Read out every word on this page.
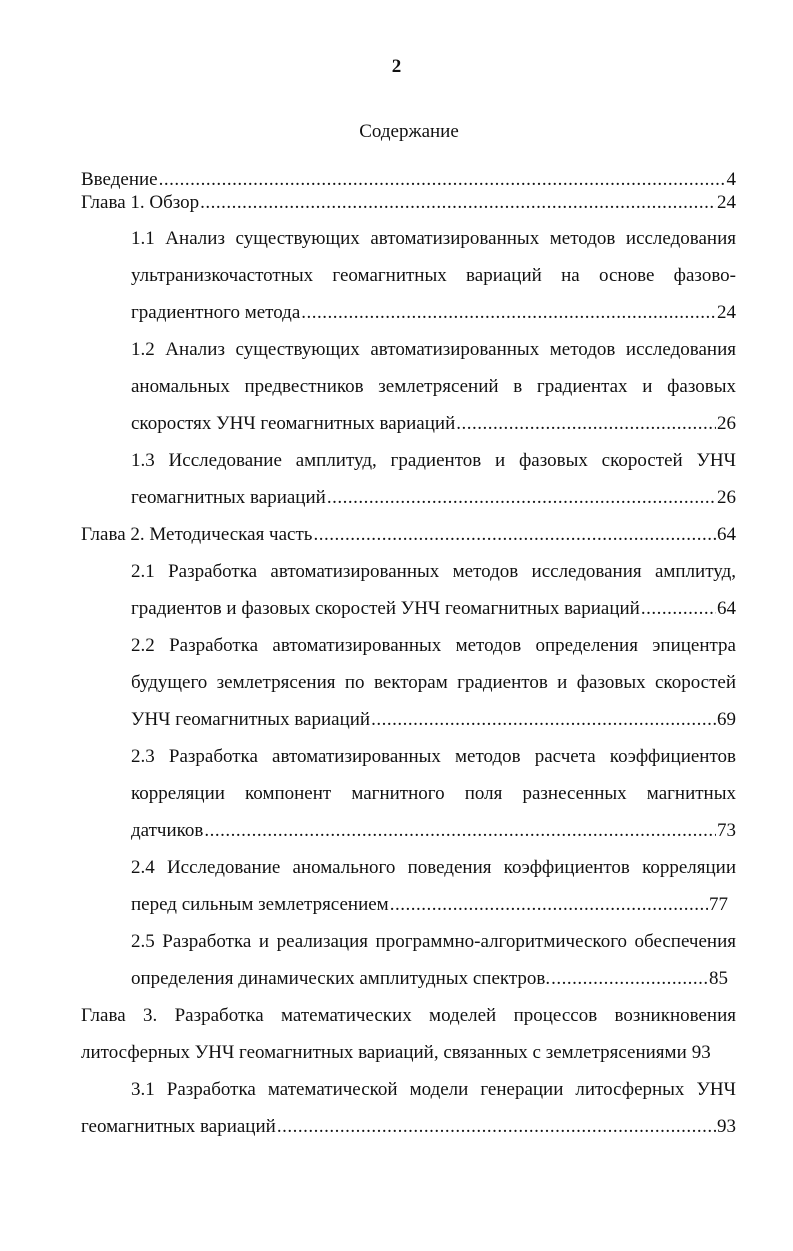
2
Содержание
Введение .....	4
Глава 1. Обзор .....	24
1.1 Анализ существующих автоматизированных методов исследования
ультранизкочастотных геомагнитных вариаций на основе фазово-
градиентного метода .....	24
1.2 Анализ существующих автоматизированных методов исследования
аномальных предвестников землетрясений в градиентах и фазовых
скоростях УНЧ геомагнитных вариаций .....	26
1.3 Исследование амплитуд, градиентов и фазовых скоростей УНЧ
геомагнитных вариаций .....	26
Глава 2. Методическая часть .....	64
2.1 Разработка автоматизированных методов исследования амплитуд,
градиентов и фазовых скоростей УНЧ геомагнитных вариаций .....	64
2.2 Разработка автоматизированных методов определения эпицентра
будущего землетрясения по векторам градиентов и фазовых скоростей
УНЧ геомагнитных вариаций .....	69
2.3 Разработка автоматизированных методов расчета коэффициентов
корреляции компонент магнитного поля разнесенных магнитных
датчиков .....	73
2.4 Исследование аномального поведения коэффициентов корреляции
перед сильным землетрясением .....	77
2.5 Разработка и реализация программно-алгоритмического обеспечения
определения динамических амплитудных спектров. .....	85
Глава 3. Разработка математических моделей процессов возникновения
литосферных УНЧ геомагнитных вариаций, связанных с землетрясениями 93
3.1 Разработка математической модели генерации литосферных УНЧ
геомагнитных вариаций .....	93
